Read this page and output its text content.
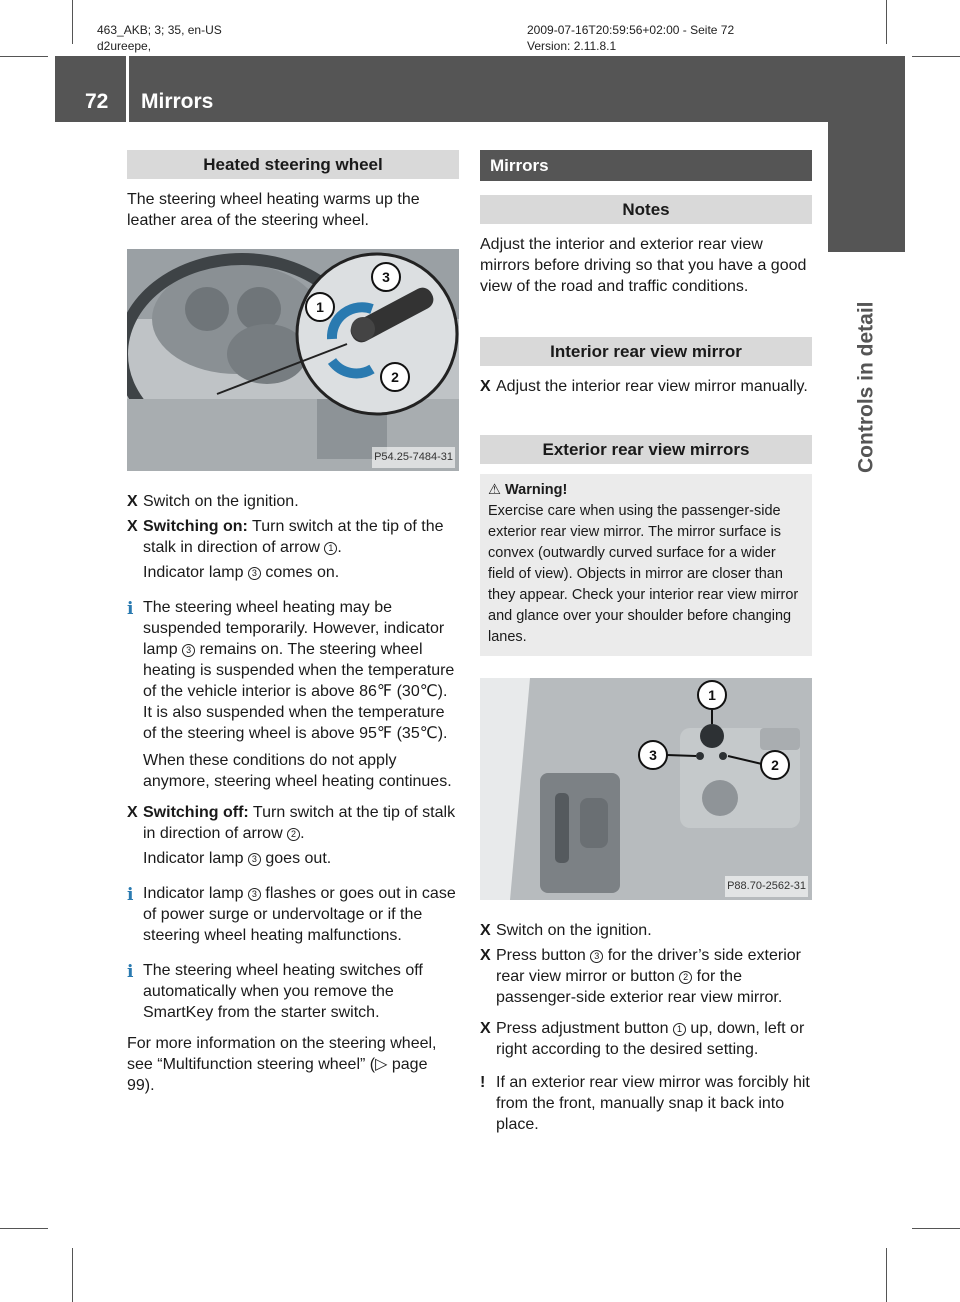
463_AKB; 3; 35, en-US
d2ureepe,
2009-07-16T20:59:56+02:00 - Seite 72
Version: 2.11.8.1
72 Mirrors
Controls in detail
Heated steering wheel

The steering wheel heating warms up the leather area of the steering wheel.

1
3
2
P54.25-7484-31
X Switch on the ignition.
X Switching on: Turn switch at the tip of the stalk in direction of arrow 1 .
Indicator lamp 3 comes on.
i The steering wheel heating may be suspended temporarily. However, indicator lamp 3 remains on. The steering wheel heating is suspended when the temperature of the vehicle interior is above 86℉ (30℃). It is also suspended when the temperature of the steering wheel is above 95℉ (35℃).

When these conditions do not apply anymore, steering wheel heating continues.

X Switching off: Turn switch at the tip of stalk in direction of arrow 2 .
Indicator lamp 3 goes out.
i Indicator lamp 3 flashes or goes out in case of power surge or undervoltage or if the steering wheel heating malfunctions.

i The steering wheel heating switches off automatically when you remove the SmartKey from the starter switch.

For more information on the steering wheel, see “Multifunction steering wheel” (▷ page 99).

Mirrors
Notes

Adjust the interior and exterior rear view mirrors before driving so that you have a good view of the road and traffic conditions.

Interior rear view mirror
X Adjust the interior rear view mirror manually.
Exterior rear view mirrors
⚠ Warning!
Exercise care when using the passenger-side exterior rear view mirror. The mirror surface is convex (outwardly curved surface for a wider field of view). Objects in mirror are closer than they appear. Check your interior rear view mirror and glance over your shoulder before changing lanes.
1
3
2
P88.70-2562-31
X Switch on the ignition.
X Press button 3 for the driver’s side exterior rear view mirror or button 2 for the passenger-side exterior rear view mirror.
X Press adjustment button 1 up, down, left or right according to the desired setting.
! If an exterior rear view mirror was forcibly hit from the front, manually snap it back into place.
